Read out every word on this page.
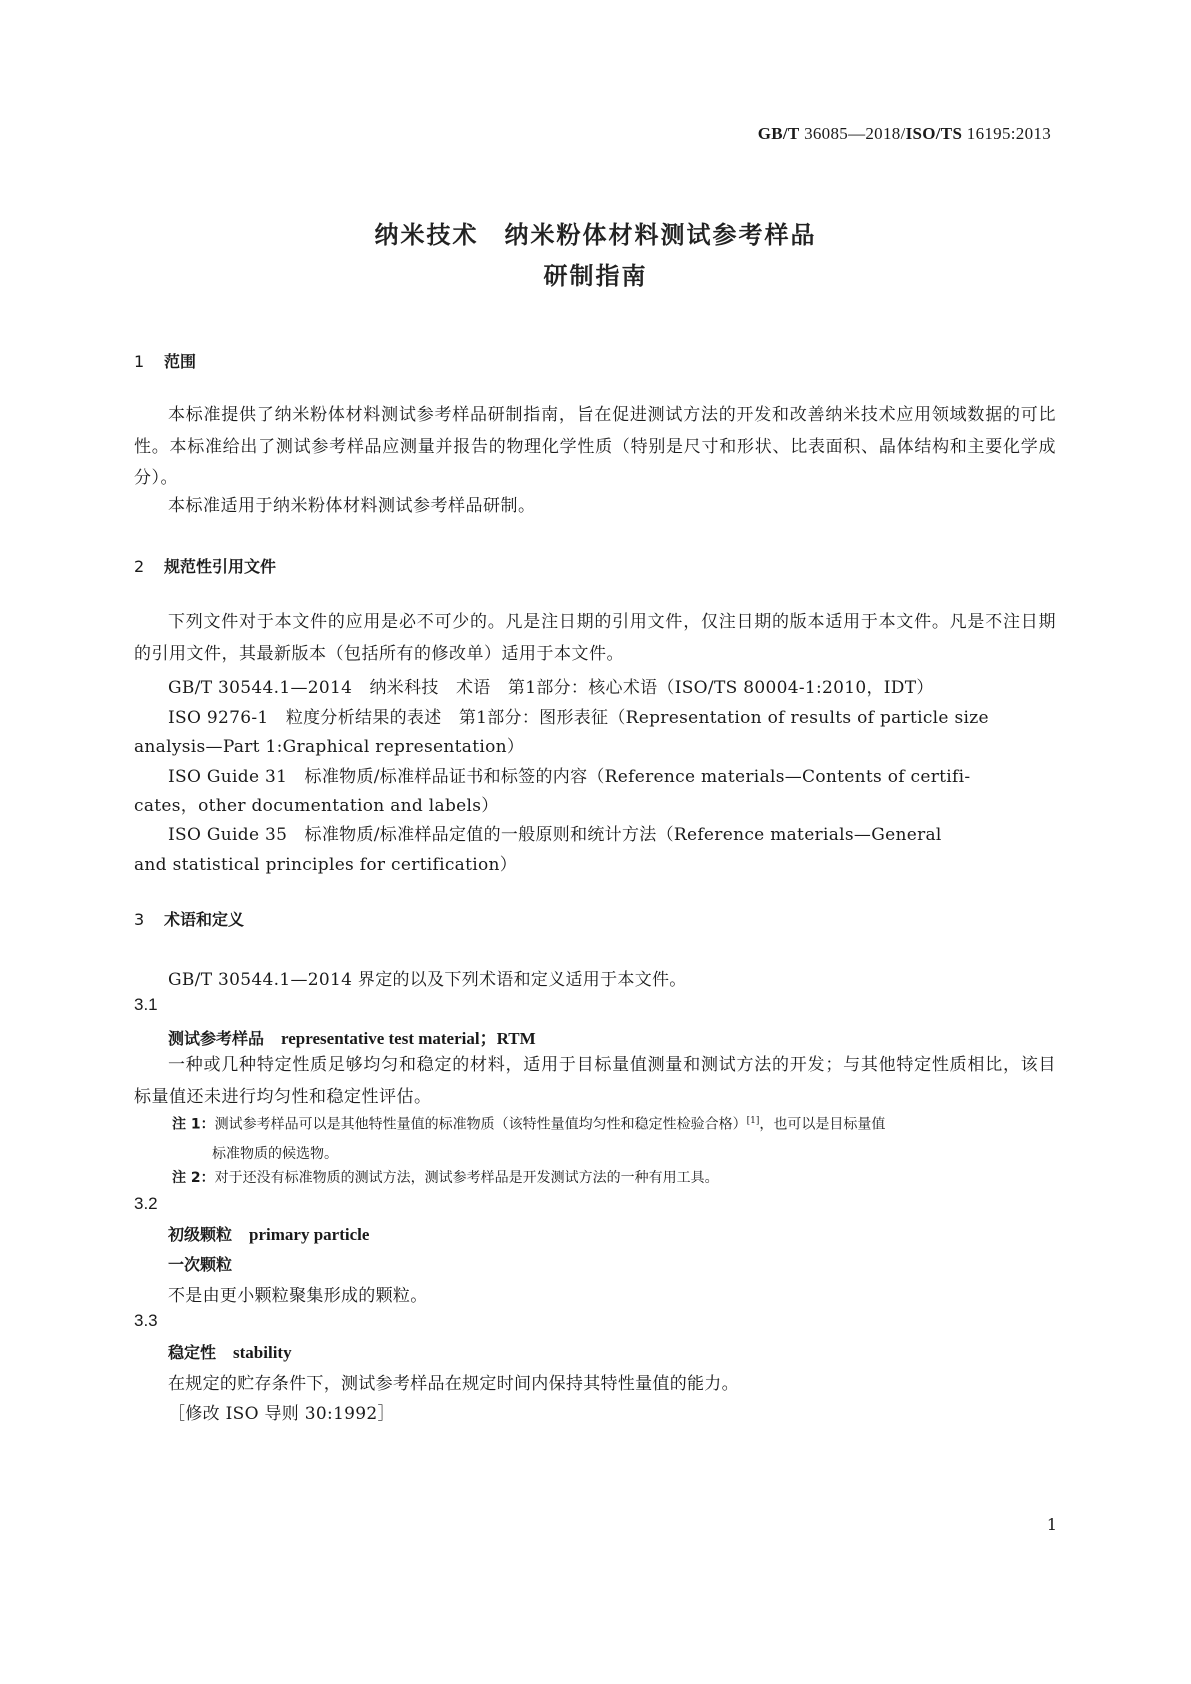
GB/T 36085—2018/ISO/TS 16195:2013
纳米技术　纳米粉体材料测试参考样品
研制指南
1 范围
本标准提供了纳米粉体材料测试参考样品研制指南，旨在促进测试方法的开发和改善纳米技术应用领域数据的可比性。本标准给出了测试参考样品应测量并报告的物理化学性质（特别是尺寸和形状、比表面积、晶体结构和主要化学成分）。
本标准适用于纳米粉体材料测试参考样品研制。
2 规范性引用文件
下列文件对于本文件的应用是必不可少的。凡是注日期的引用文件，仅注日期的版本适用于本文件。凡是不注日期的引用文件，其最新版本（包括所有的修改单）适用于本文件。
GB/T 30544.1—2014　纳米科技　术语　第1部分：核心术语（ISO/TS 80004-1:2010，IDT）
ISO 9276-1　粒度分析结果的表述　第1部分：图形表征（Representation of results of particle size
analysis—Part 1:Graphical representation）
ISO Guide 31　标准物质/标准样品证书和标签的内容（Reference materials—Contents of certifi-
cates，other documentation and labels）
ISO Guide 35　标准物质/标准样品定值的一般原则和统计方法（Reference materials—General
and statistical principles for certification）
3 术语和定义
GB/T 30544.1—2014 界定的以及下列术语和定义适用于本文件。
3.1
测试参考样品  representative test material；RTM
一种或几种特定性质足够均匀和稳定的材料，适用于目标量值测量和测试方法的开发；与其他特定性质相比，该目标量值还未进行均匀性和稳定性评估。
注 1：测试参考样品可以是其他特性量值的标准物质（该特性量值均匀性和稳定性检验合格）[1]，也可以是目标量值
标准物质的候选物。
注 2：对于还没有标准物质的测试方法，测试参考样品是开发测试方法的一种有用工具。
3.2
初级颗粒  primary particle
一次颗粒
不是由更小颗粒聚集形成的颗粒。
3.3
稳定性  stability
在规定的贮存条件下，测试参考样品在规定时间内保持其特性量值的能力。
［修改 ISO 导则 30:1992］
1
